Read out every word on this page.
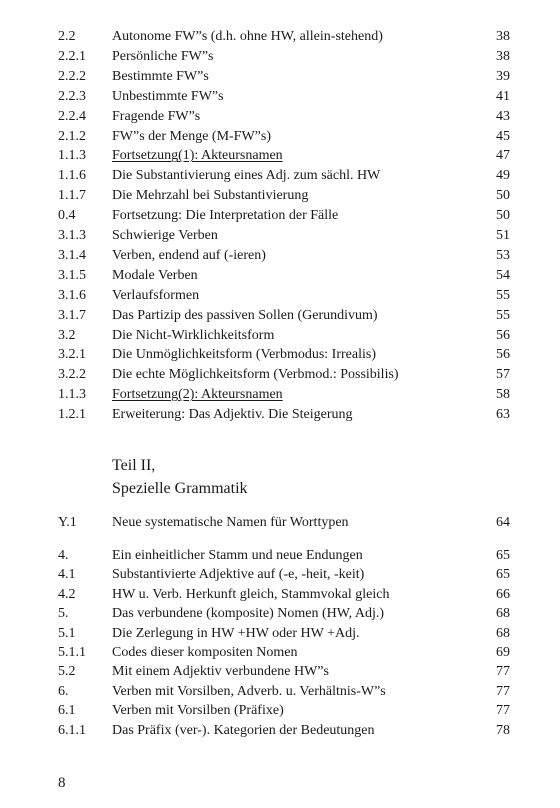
2.2	Autonome FW”s (d.h. ohne HW, allein-stehend)	38
2.2.1 Persönliche FW”s	38
2.2.2 Bestimmte FW”s	39
2.2.3 Unbestimmte FW”s	41
2.2.4 Fragende FW”s	43
2.1.2 FW”s der Menge (M-FW”s)	45
1.1.3 Fortsetzung(1): Akteursnamen	47
1.1.6 Die Substantivierung eines Adj. zum sächl. HW	49
1.1.7 Die Mehrzahl bei Substantivierung	50
0.4	Fortsetzung: Die Interpretation der Fälle	50
3.1.3 Schwierige Verben	51
3.1.4 Verben, endend auf (-ieren)	53
3.1.5 Modale Verben	54
3.1.6 Verlaufsformen	55
3.1.7 Das Partizip des passiven Sollen (Gerundivum)	55
3.2	Die Nicht-Wirklichkeitsform	56
3.2.1 Die Unmöglichkeitsform (Verbmodus: Irrealis)	56
3.2.2 Die echte Möglichkeitsform (Verbmod.: Possibilis)	57
1.1.3 Fortsetzung(2): Akteursnamen	58
1.2.1 Erweiterung: Das Adjektiv. Die Steigerung	63
Teil II,
Spezielle Grammatik
Y.1	Neue systematische Namen für Worttypen	64
4.	Ein einheitlicher Stamm und neue Endungen	65
4.1	Substantivierte Adjektive auf (-e, -heit, -keit)	65
4.2	HW u. Verb. Herkunft gleich, Stammvokal gleich	66
5.	Das verbundene (komposite) Nomen (HW, Adj.)	68
5.1	Die Zerlegung in HW +HW oder HW +Adj.	68
5.1.1 Codes dieser kompositen Nomen	69
5.2	Mit einem Adjektiv verbundene HW”s	77
6.	Verben mit Vorsilben, Adverb. u. Verhältnis-W”s	77
6.1	Verben mit Vorsilben (Präfixe)	77
6.1.1 Das Präfix (ver-). Kategorien der Bedeutungen	78
8
